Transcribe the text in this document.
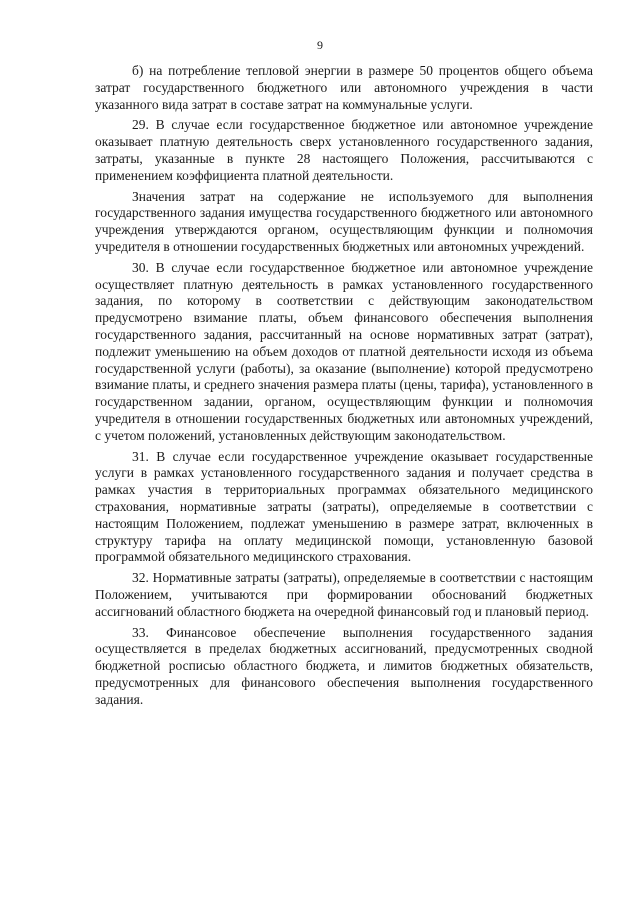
9

б) на потребление тепловой энергии в размере 50 процентов общего объема затрат государственного бюджетного или автономного учреждения в части указанного вида затрат в составе затрат на коммунальные услуги.

29. В случае если государственное бюджетное или автономное учреждение оказывает платную деятельность сверх установленного государственного задания, затраты, указанные в пункте 28 настоящего Положения, рассчитываются с применением коэффициента платной деятельности.

Значения затрат на содержание не используемого для выполнения государственного задания имущества государственного бюджетного или автономного учреждения утверждаются органом, осуществляющим функции и полномочия учредителя в отношении государственных бюджетных или автономных учреждений.

30. В случае если государственное бюджетное или автономное учреждение осуществляет платную деятельность в рамках установленного государственного задания, по которому в соответствии с действующим законодательством предусмотрено взимание платы, объем финансового обеспечения выполнения государственного задания, рассчитанный на основе нормативных затрат (затрат), подлежит уменьшению на объем доходов от платной деятельности исходя из объема государственной услуги (работы), за оказание (выполнение) которой предусмотрено взимание платы, и среднего значения размера платы (цены, тарифа), установленного в государственном задании, органом, осуществляющим функции и полномочия учредителя в отношении государственных бюджетных или автономных учреждений, с учетом положений, установленных действующим законодательством.

31. В случае если государственное учреждение оказывает государственные услуги в рамках установленного государственного задания и получает средства в рамках участия в территориальных программах обязательного медицинского страхования, нормативные затраты (затраты), определяемые в соответствии с настоящим Положением, подлежат уменьшению в размере затрат, включенных в структуру тарифа на оплату медицинской помощи, установленную базовой программой обязательного медицинского страхования.

32. Нормативные затраты (затраты), определяемые в соответствии с настоящим Положением, учитываются при формировании обоснований бюджетных ассигнований областного бюджета на очередной финансовый год и плановый период.

33. Финансовое обеспечение выполнения государственного задания осуществляется в пределах бюджетных ассигнований, предусмотренных сводной бюджетной росписью областного бюджета, и лимитов бюджетных обязательств, предусмотренных для финансового обеспечения выполнения государственного задания.
